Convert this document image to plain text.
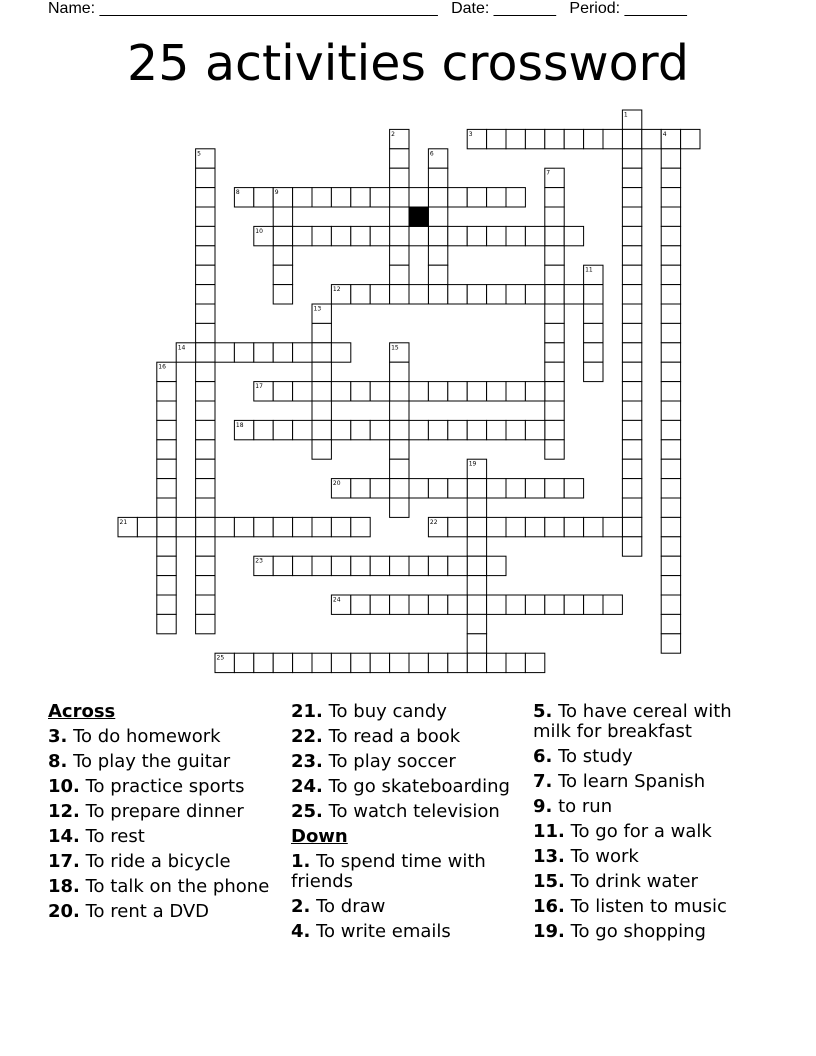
Name: ______________________________________ Date: _______ Period: _______
25 activities crossword
1
2	3	4
5	6
7
8	9
10
11
12
13
14	15
16
17
18
19
20
21	22
23
24
25
Across
3. To do homework
8. To play the guitar
10. To practice sports
12. To prepare dinner
14. To rest
17. To ride a bicycle
18. To talk on the phone
20. To rent a DVD
21. To buy candy
22. To read a book
23. To play soccer
24. To go skateboarding
25. To watch television
Down
1. To spend time with friends
2. To draw
4. To write emails
5. To have cereal with milk for breakfast
6. To study
7. To learn Spanish
9. to run
11. To go for a walk
13. To work
15. To drink water
16. To listen to music
19. To go shopping
